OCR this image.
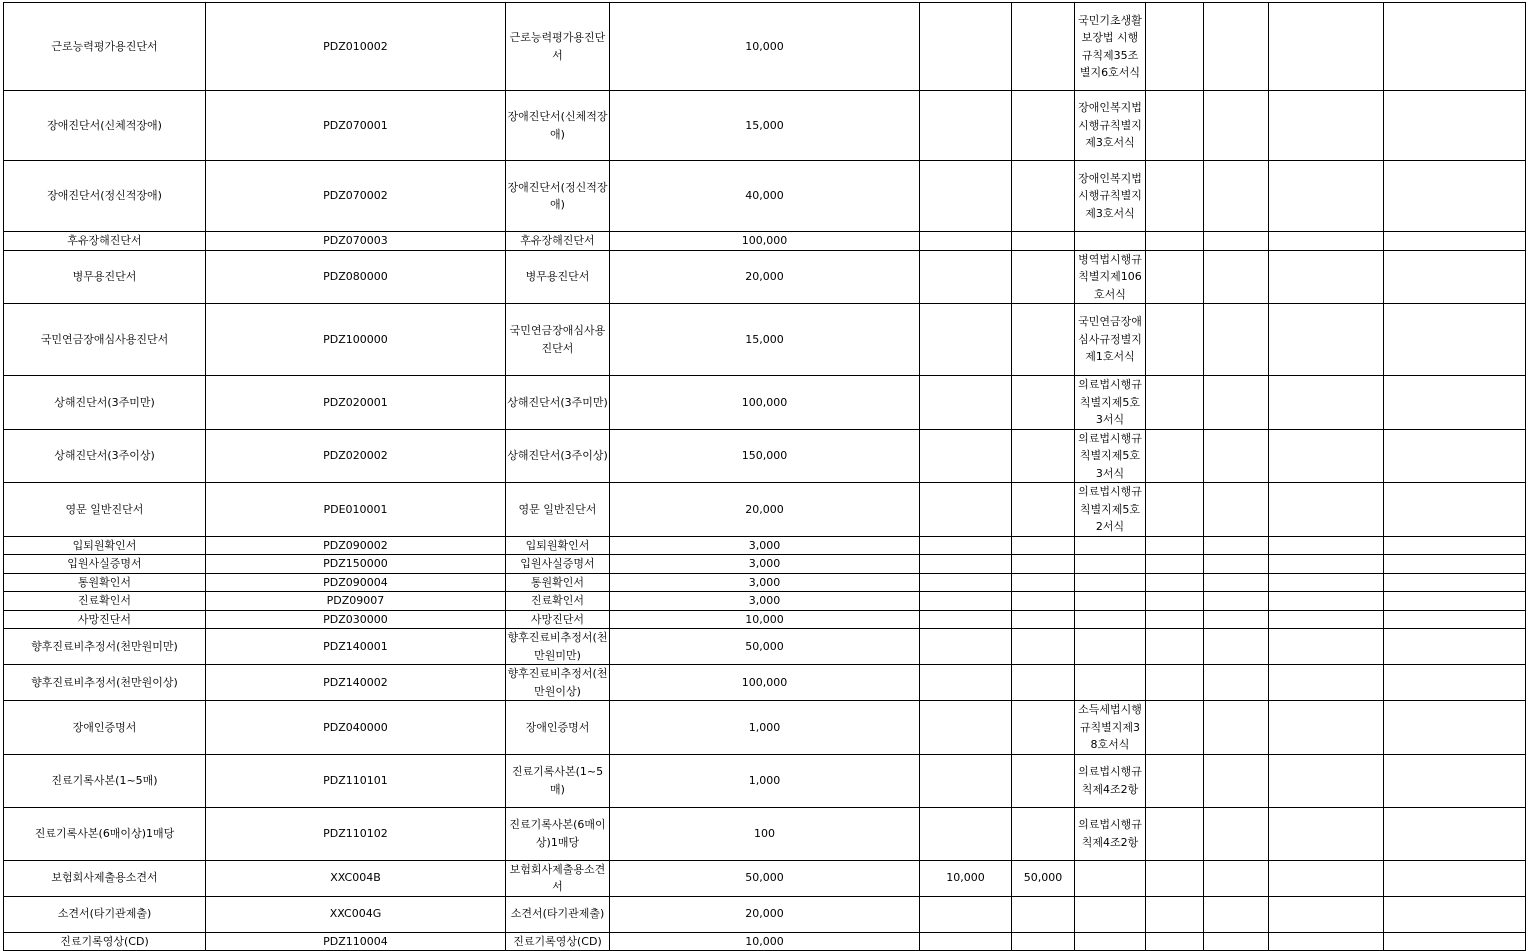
근로능력평가용진단서	PDZ010002	근로능력평가용진단서	10,000			국민기초생활보장법 시행규칙제35조별지6호서식				
장애진단서(신체적장애)	PDZ070001	장애진단서(신체적장애)	15,000			장애인복지법 시행규칙별지제3호서식				
장애진단서(정신적장애)	PDZ070002	장애진단서(정신적장애)	40,000			장애인복지법 시행규칙별지제3호서식				
후유장해진단서	PDZ070003	후유장해진단서	100,000							
병무용진단서	PDZ080000	병무용진단서	20,000			병역법시행규칙별지제106호서식				
국민연금장애심사용진단서	PDZ100000	국민연금장애심사용진단서	15,000			국민연금장애심사규정별지제1호서식				
상해진단서(3주미만)	PDZ020001	상해진단서(3주미만)	100,000			의료법시행규칙별지제5호3서식				
상해진단서(3주이상)	PDZ020002	상해진단서(3주이상)	150,000			의료법시행규칙별지제5호3서식				
영문 일반진단서	PDE010001	영문 일반진단서	20,000			의료법시행규칙별지제5호2서식				
입퇴원확인서	PDZ090002	입퇴원확인서	3,000							
입원사실증명서	PDZ150000	입원사실증명서	3,000							
통원확인서	PDZ090004	통원확인서	3,000							
진료확인서	PDZ09007	진료확인서	3,000							
사망진단서	PDZ030000	사망진단서	10,000							
향후진료비추정서(천만원미만)	PDZ140001	향후진료비추정서(천만원미만)	50,000							
향후진료비추정서(천만원이상)	PDZ140002	향후진료비추정서(천만원이상)	100,000							
장애인증명서	PDZ040000	장애인증명서	1,000			소득세법시행규칙별지제38호서식				
진료기록사본(1~5매)	PDZ110101	진료기록사본(1~5매)	1,000			의료법시행규칙제4조2항				
진료기록사본(6매이상)1매당	PDZ110102	진료기록사본(6매이상)1매당	100			의료법시행규칙제4조2항				
보험회사제출용소견서	XXC004B	보험회사제출용소견서	50,000	10,000	50,000					
소견서(타기관제출)	XXC004G	소견서(타기관제출)	20,000							
진료기록영상(CD)	PDZ110004	진료기록영상(CD)	10,000							
